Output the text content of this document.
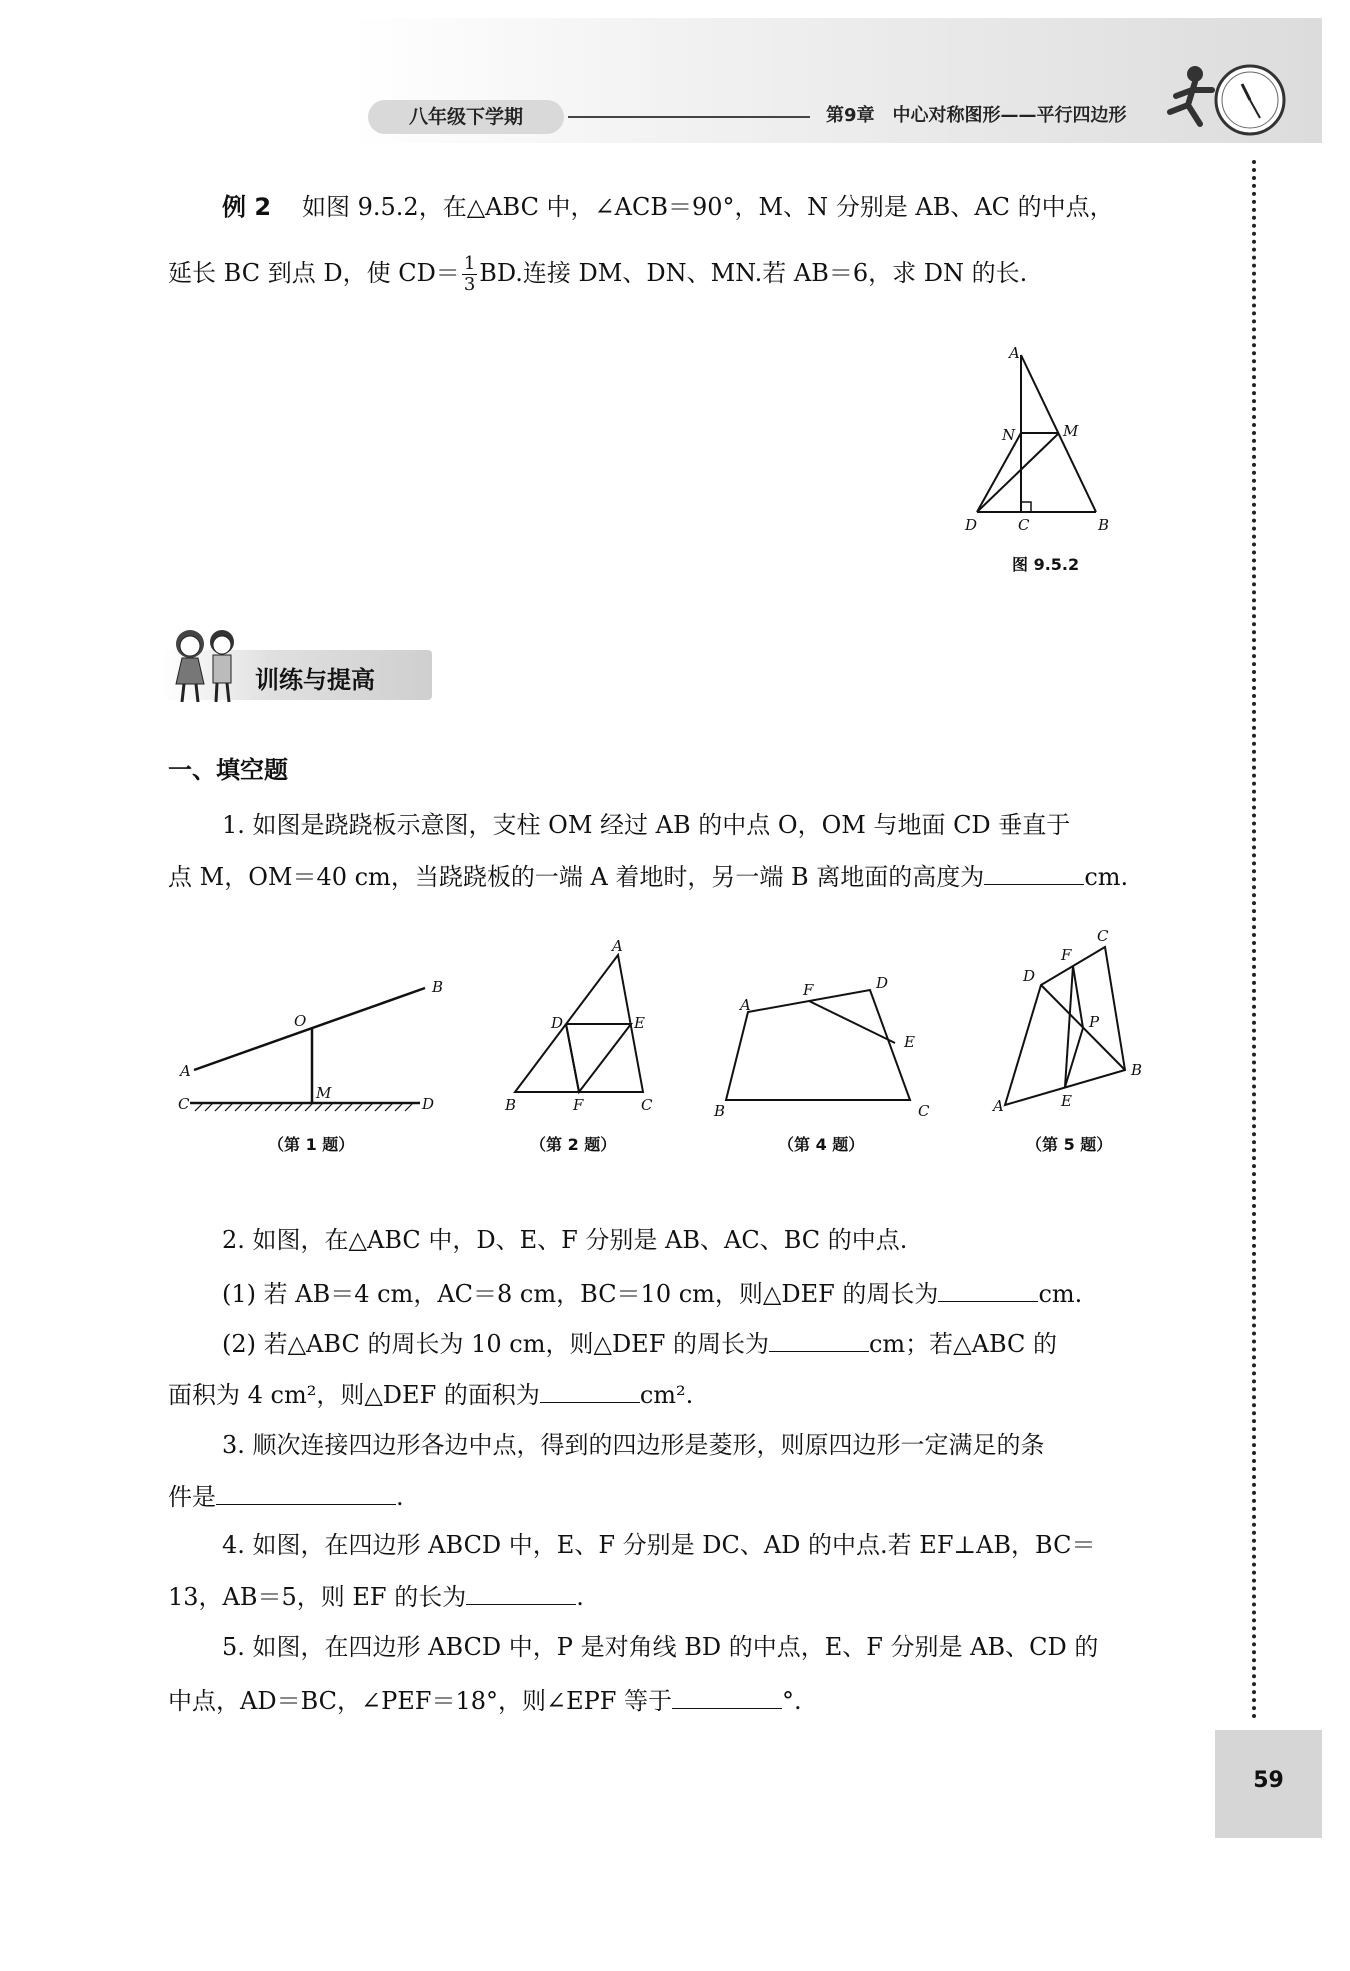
八年级下学期	第9章　中心对称图形——平行四边形
例 2 如图 9.5.2，在△ABC 中，∠ACB＝90°，M、N 分别是 AB、AC 的中点，
延长 BC 到点 D，使 $CD= \frac{1}{3}$ BD.连接 DM、DN、MN.若 AB＝6，求 DN 的长.
A
N	M
D	C	B
图 9.5.2
训练与提高
一、填空题
1. 如图是跷跷板示意图，支柱 OM 经过 AB 的中点 O，OM 与地面 CD 垂直于
点 M，OM＝40 cm，当跷跷板的一端 A 着地时，另一端 B 离地面的高度为	cm.
A
B
C	D
O
M
（第 1 题）
A
B	C
D	E
F
（第 2 题）
A
B	C
D
E
F
（第 4 题）
A
B
C
D
E
F
P
（第 5 题）
2. 如图，在△ABC 中，D、E、F 分别是 AB、AC、BC 的中点.
(1) 若 AB＝4 cm，AC＝8 cm，BC＝10 cm，则△DEF 的周长为	cm.
(2) 若△ABC 的周长为 10 cm，则△DEF 的周长为	cm；若△ABC 的
面积为 4 cm²，则△DEF 的面积为	cm².
3. 顺次连接四边形各边中点，得到的四边形是菱形，则原四边形一定满足的条
件是	.
4. 如图，在四边形 ABCD 中，E、F 分别是 DC、AD 的中点.若 EF⊥AB，BC＝
13，AB＝5，则 EF 的长为	.
5. 如图，在四边形 ABCD 中，P 是对角线 BD 的中点，E、F 分别是 AB、CD 的
中点，AD＝BC，∠PEF＝18°，则∠EPF 等于	°.
59
